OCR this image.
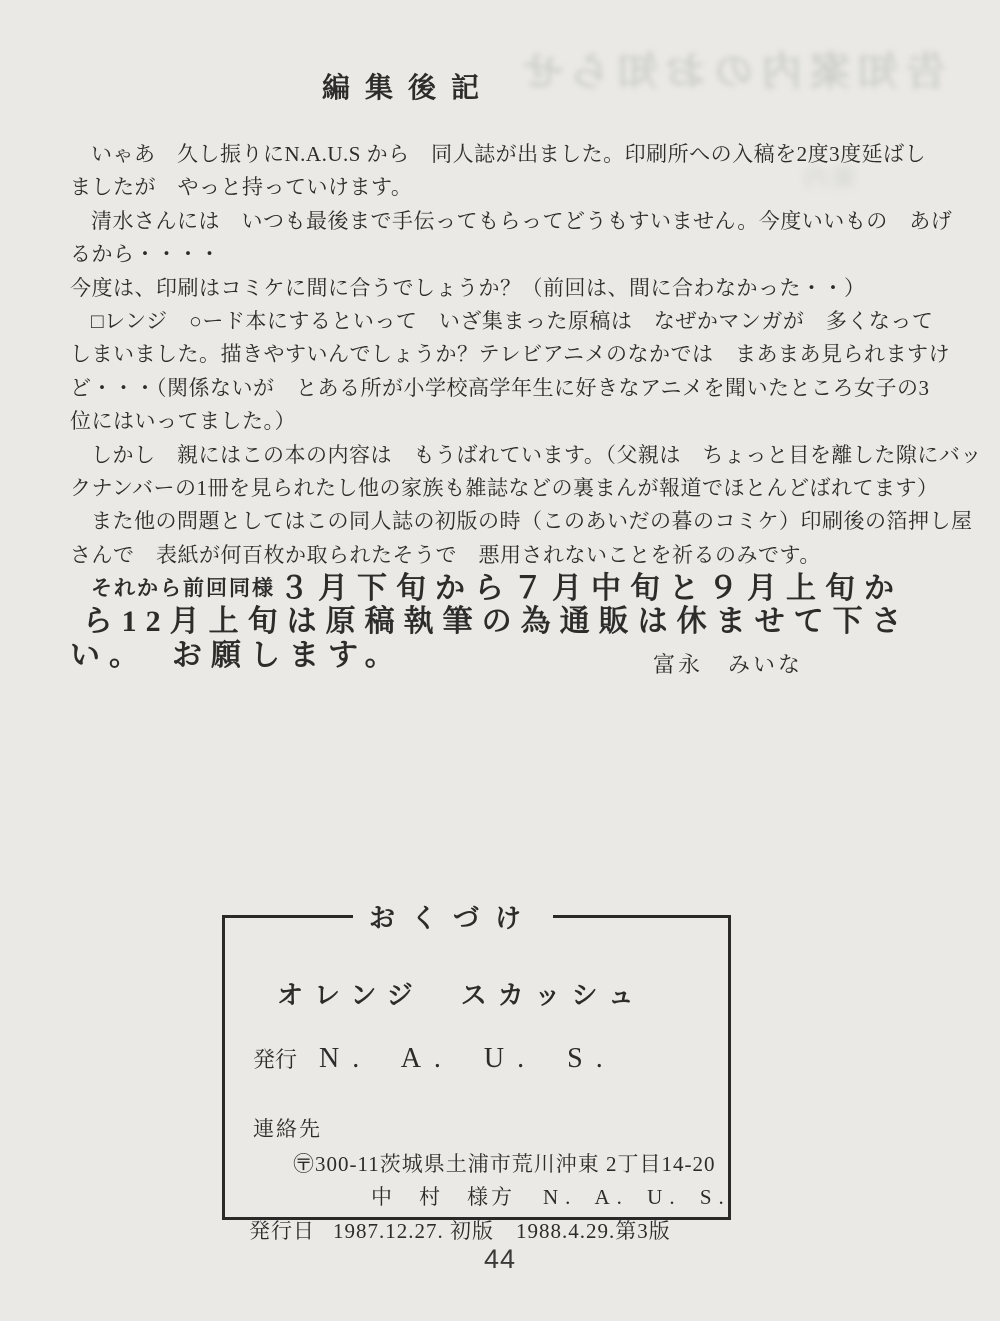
告知案内のお知らせ
案内
編集後記
いゃあ　久し振りにN.A.U.S から　同人誌が出ました。印刷所への入稿を2度3度延ばし
ましたが　やっと持っていけます。
清水さんには　いつも最後まで手伝ってもらってどうもすいません。今度いいもの　あげ
るから・・・・
今度は、印刷はコミケに間に合うでしょうか？（前回は、間に合わなかった・・）
□レンジ　○ード本にするといって　いざ集まった原稿は　なぜかマンガが　多くなって
しまいました。描きやすいんでしょうか？テレビアニメのなかでは　まあまあ見られますけ
ど・・・（関係ないが　とある所が小学校高学年生に好きなアニメを聞いたところ女子の3
位にはいってました。）
しかし　親にはこの本の内容は　もうばれています。（父親は　ちょっと目を離した隙にバッ
クナンバーの1冊を見られたし他の家族も雑誌などの裏まんが報道でほとんどばれてます）
また他の問題としてはこの同人誌の初版の時（このあいだの暮のコミケ）印刷後の箔押し屋
さんで　表紙が何百枚か取られたそうで　悪用されないことを祈るのみです。
それから前回同様 ３月下旬から７月中旬と９月上旬か
ら12月上旬は原稿執筆の為通販は休ませて下さ
い。　お願します。	富永　みいな
おくづけ
オレンジ　スカッシュ
発行 N. A. U. S.
連絡先
〶300-11茨城県土浦市荒川沖東 2丁目14-20
中　村　様方 N. A. U. S.
発行日 1987.12.27. 初版　1988.4.29.第3版
44
